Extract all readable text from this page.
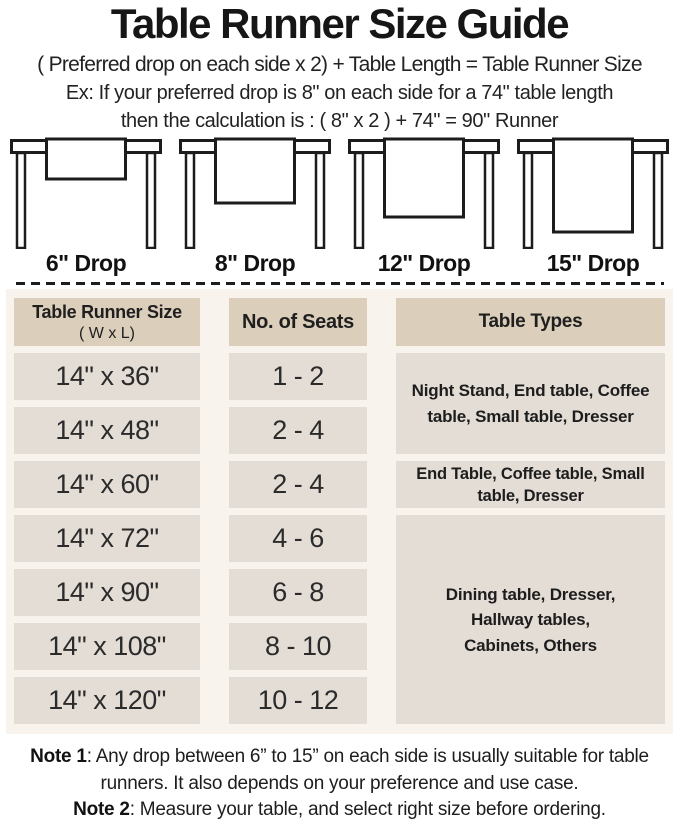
Table Runner Size Guide

( Preferred drop on each side x 2) + Table Length = Table Runner Size

Ex: If your preferred drop is 8" on each side for a 74" table length

then the calculation is : ( 8" x 2 ) + 74" = 90" Runner

6" Drop	8" Drop	12" Drop	15" Drop
Table Runner Size
( W x L)
No. of Seats	Table Types
14" x 36"	1 - 2	Night Stand, End table, Coffee table, Small table, Dresser
14" x 48"	2 - 4
14" x 60"	2 - 4	End Table, Coffee table, Small table, Dresser
14" x 72"	4 - 6
Dining table, Dresser, Hallway tables, Cabinets, Others
14" x 90"	6 - 8
14" x 108"	8 - 10
14" x 120"	10 - 12

Note 1: Any drop between 6” to 15” on each side is usually suitable for table runners. It also depends on your preference and use case.

Note 2: Measure your table, and select right size before ordering.
